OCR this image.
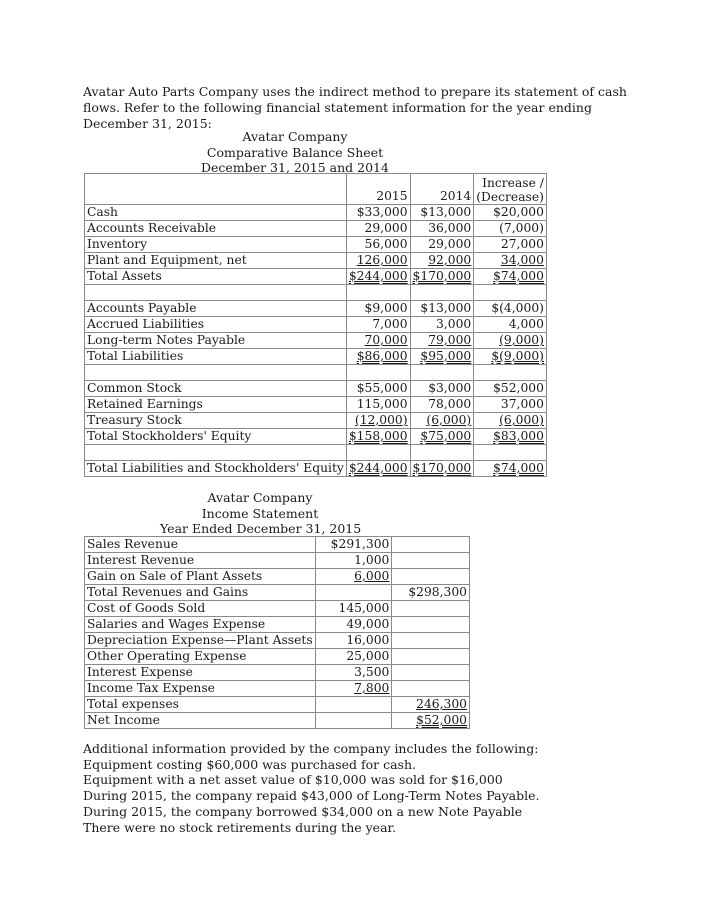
Avatar Auto Parts Company uses the indirect method to prepare its statement of cash flows. Refer to the following financial statement information for the year ending December 31, 2015:

Avatar Company
Comparative Balance Sheet
December 31, 2015 and 2014
	2015	2014	Increase /
(Decrease)

Cash	$33,000	$13,000	$20,000
Accounts Receivable	29,000	36,000	(7,000)
Inventory	56,000	29,000	27,000
Plant and Equipment, net	126,000	92,000	34,000
Total Assets	$244,000	$170,000	$74,000

Accounts Payable	$9,000	$13,000	$(4,000)
Accrued Liabilities	7,000	3,000	4,000
Long-term Notes Payable	70,000	79,000	(9,000)
Total Liabilities	$86,000	$95,000	$(9,000)

Common Stock	$55,000	$3,000	$52,000
Retained Earnings	115,000	78,000	37,000
Treasury Stock	(12,000)	(6,000)	(6,000)
Total Stockholders' Equity	$158,000	$75,000	$83,000

Total Liabilities and Stockholders' Equity	$244,000	$170,000	$74,000
Avatar Company
Income Statement
Year Ended December 31, 2015
Sales Revenue	$291,300	
Interest Revenue	1,000	
Gain on Sale of Plant Assets	6,000	
Total Revenues and Gains		$298,300
Cost of Goods Sold	145,000	
Salaries and Wages Expense	49,000	
Depreciation Expense—Plant Assets	16,000	
Other Operating Expense	25,000	
Interest Expense	3,500	
Income Tax Expense	7,800	
Total expenses		246,300
Net Income		$52,000
Additional information provided by the company includes the following:
Equipment costing $60,000 was purchased for cash.
Equipment with a net asset value of $10,000 was sold for $16,000
During 2015, the company repaid $43,000 of Long-Term Notes Payable.
During 2015, the company borrowed $34,000 on a new Note Payable
There were no stock retirements during the year.
